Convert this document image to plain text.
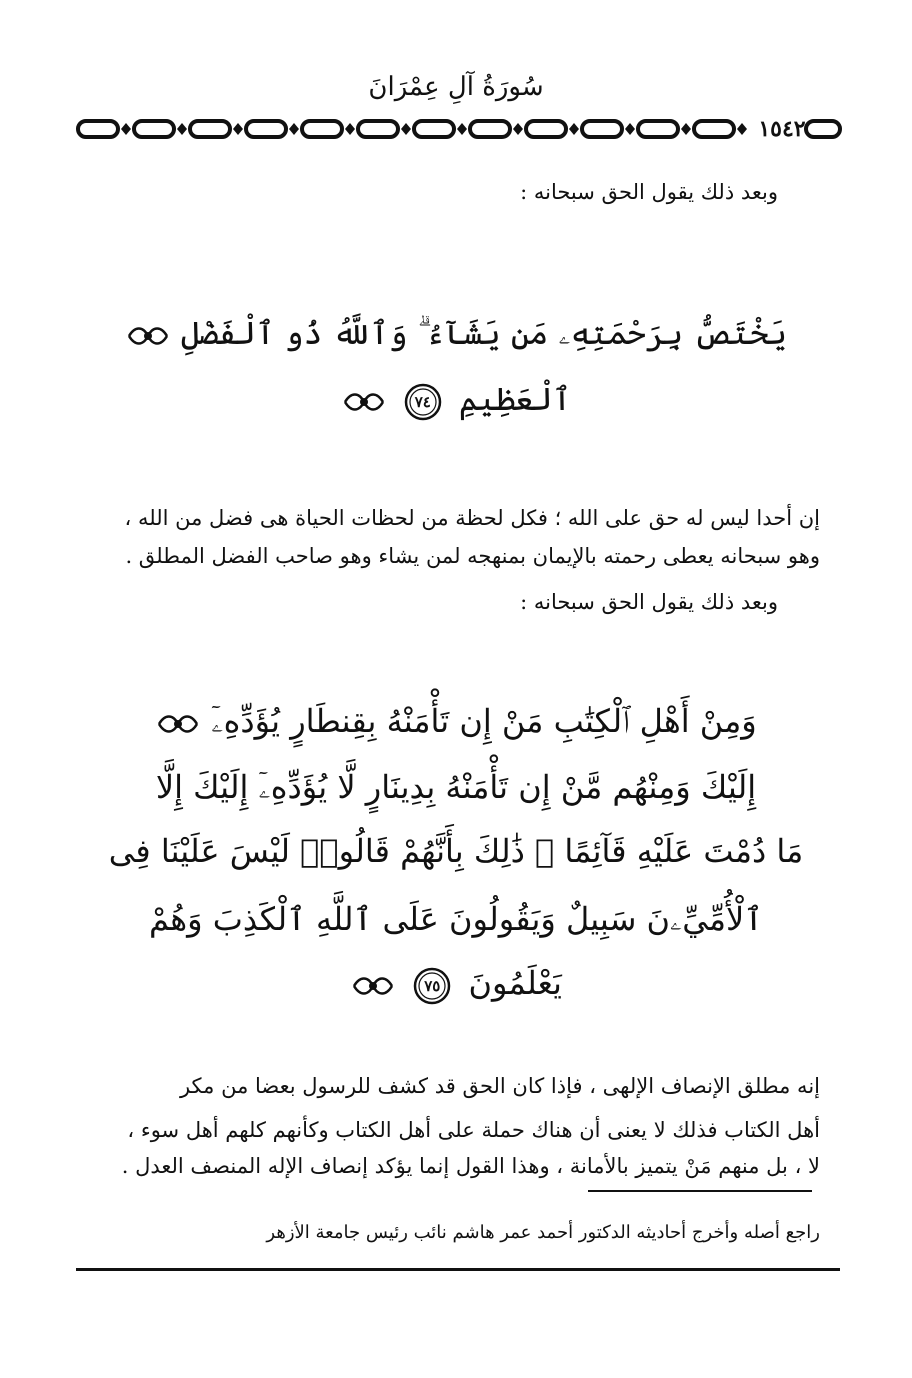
سُورَةُ آلِ عِمْرَانَ
١٥٤٢
وبعد ذلك يقول الحق سبحانه :
يَخْتَصُّ بِرَحْمَتِهِۦ مَن يَشَآءُ ۗ وَٱللَّهُ ذُو ٱلْفَضْلِ
ٱلْعَظِيمِ
٧٤

إن أحدا ليس له حق على الله ؛ فكل لحظة من لحظات الحياة هى فضل من الله ،
وهو سبحانه يعطى رحمته بالإيمان بمنهجه لمن يشاء وهو صاحب الفضل المطلق .
وبعد ذلك يقول الحق سبحانه :
وَمِنْ أَهْلِ ٱلْكِتَٰبِ مَنْ إِن تَأْمَنْهُ بِقِنطَارٍ يُؤَدِّهِۦٓ
إِلَيْكَ وَمِنْهُم مَّنْ إِن تَأْمَنْهُ بِدِينَارٍ لَّا يُؤَدِّهِۦٓ إِلَيْكَ إِلَّا
مَا دُمْتَ عَلَيْهِ قَآئِمًا ۗ ذَٰلِكَ بِأَنَّهُمْ قَالُوا۟ لَيْسَ عَلَيْنَا فِى
ٱلْأُمِّيِّۦنَ سَبِيلٌ وَيَقُولُونَ عَلَى ٱللَّهِ ٱلْكَذِبَ وَهُمْ
يَعْلَمُونَ
٧٥

إنه مطلق الإنصاف الإلهى ، فإذا كان الحق قد كشف للرسول بعضا من مكر
أهل الكتاب فذلك لا يعنى أن هناك حملة على أهل الكتاب وكأنهم كلهم أهل سوء ،
لا ، بل منهم مَنْ يتميز بالأمانة ، وهذا القول إنما يؤكد إنصاف الإله المنصف العدل .
راجع أصله وأخرج أحاديثه الدكتور أحمد عمر هاشم نائب رئيس جامعة الأزهر
